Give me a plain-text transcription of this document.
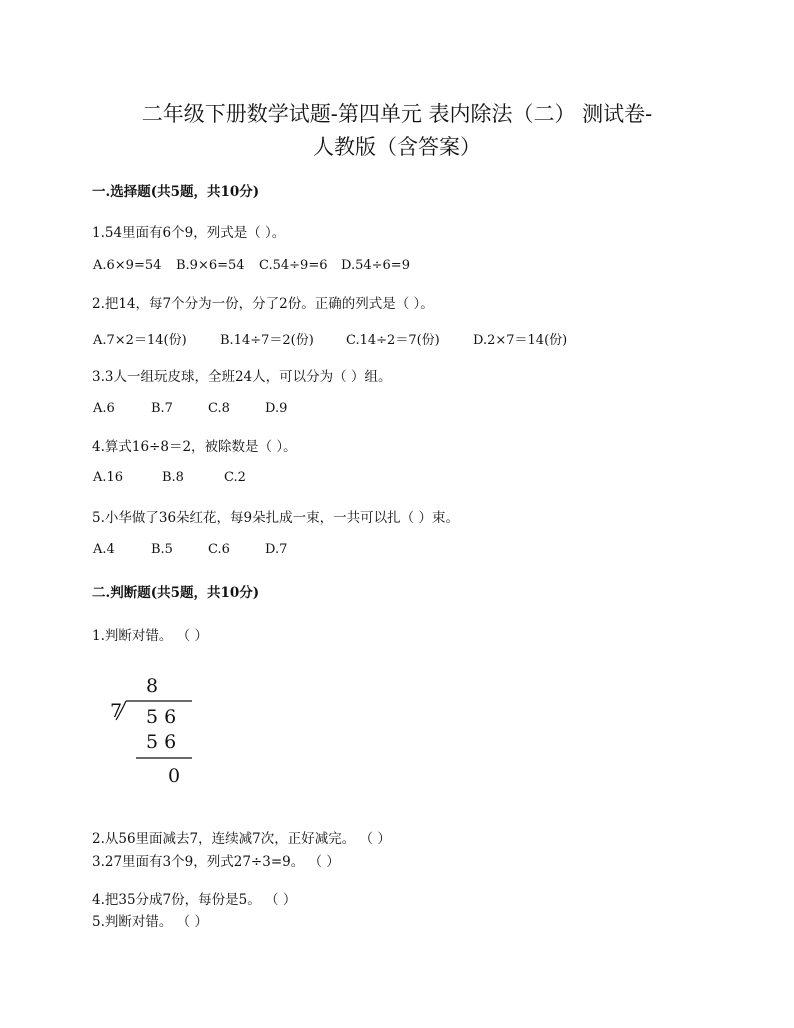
二年级下册数学试题-第四单元 表内除法（二） 测试卷-
人教版（含答案）
一.选择题(共5题，共10分)
1.54里面有6个9，列式是（ ）。
A.6×9=54 B.9×6=54 C.54÷9=6 D.54÷6=9
2.把14，每7个分为一份，分了2份。正确的列式是（ ）。
A.7×2＝14(份)	B.14÷7＝2(份) C.14÷2＝7(份)	D.2×7＝14(份)
3.3人一组玩皮球，全班24人，可以分为（ ）组。
A.6	B.7	C.8	D.9
4.算式16÷8＝2，被除数是（ ）。
A.16	B.8	C.2
5.小华做了36朵红花，每9朵扎成一束，一共可以扎（ ）束。
A.4	B.5	C.6	D.7
二.判断题(共5题，共10分)
1.判断对错。 （ ）
8
7 5 6
5 6
0
2.从56里面减去7，连续减7次，正好减完。 （ ）
3.27里面有3个9，列式27÷3=9。 （ ）
4.把35分成7份，每份是5。 （ ）
5.判断对错。 （ ）
